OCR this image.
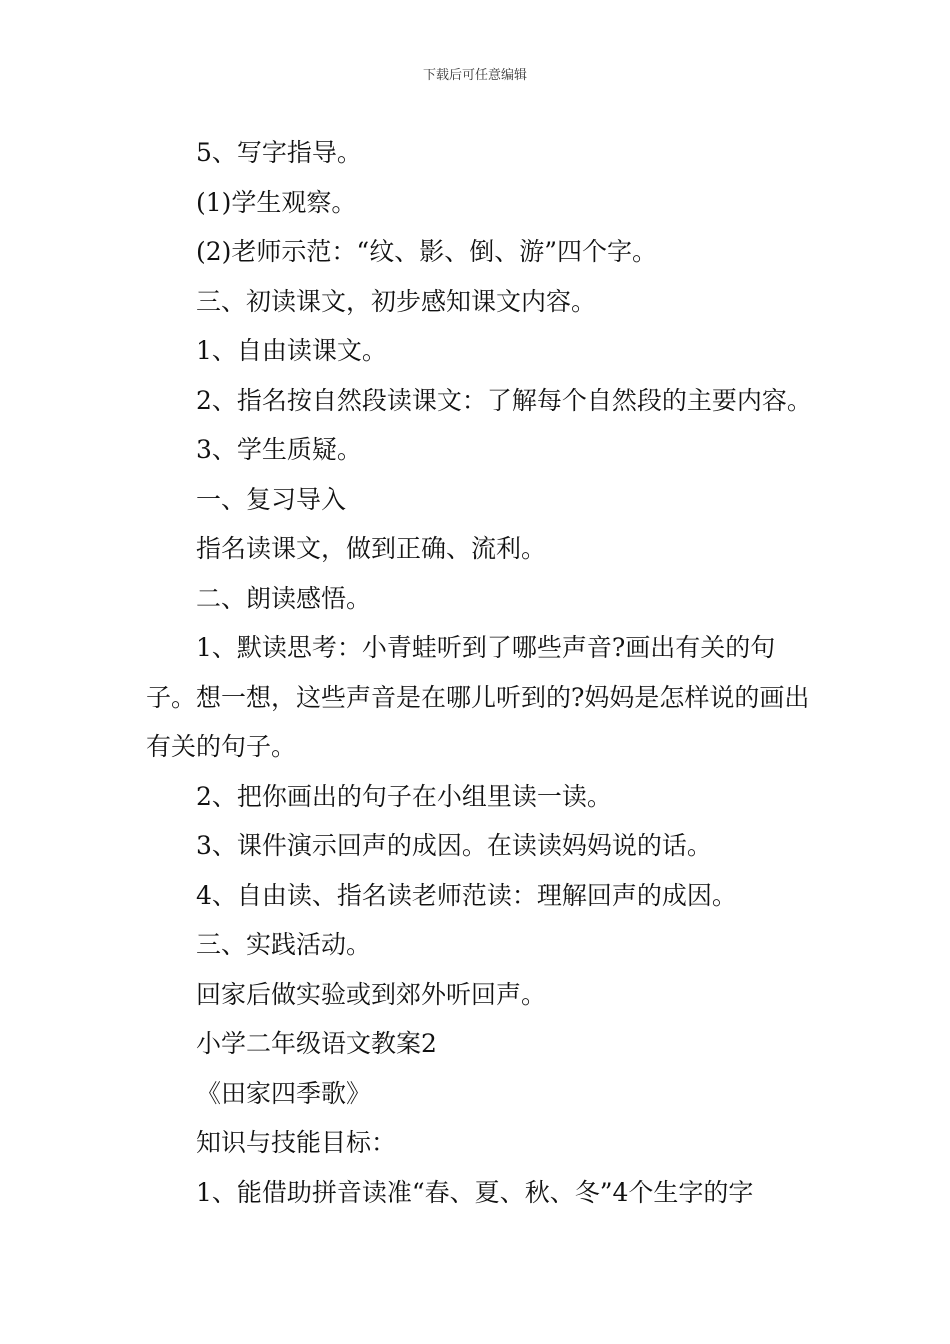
下载后可任意编辑

5、写字指导。

(1)学生观察。

(2)老师示范：“纹、影、倒、游”四个字。

三、初读课文，初步感知课文内容。

1、自由读课文。

2、指名按自然段读课文：了解每个自然段的主要内容。

3、学生质疑。

一、复习导入

指名读课文，做到正确、流利。

二、朗读感悟。

1、默读思考：小青蛙听到了哪些声音?画出有关的句子。想一想，这些声音是在哪儿听到的?妈妈是怎样说的画出有关的句子。

2、把你画出的句子在小组里读一读。

3、课件演示回声的成因。在读读妈妈说的话。

4、自由读、指名读老师范读：理解回声的成因。

三、实践活动。

回家后做实验或到郊外听回声。

小学二年级语文教案2

《田家四季歌》

知识与技能目标：

1、能借助拼音读准“春、夏、秋、冬”4个生字的字
